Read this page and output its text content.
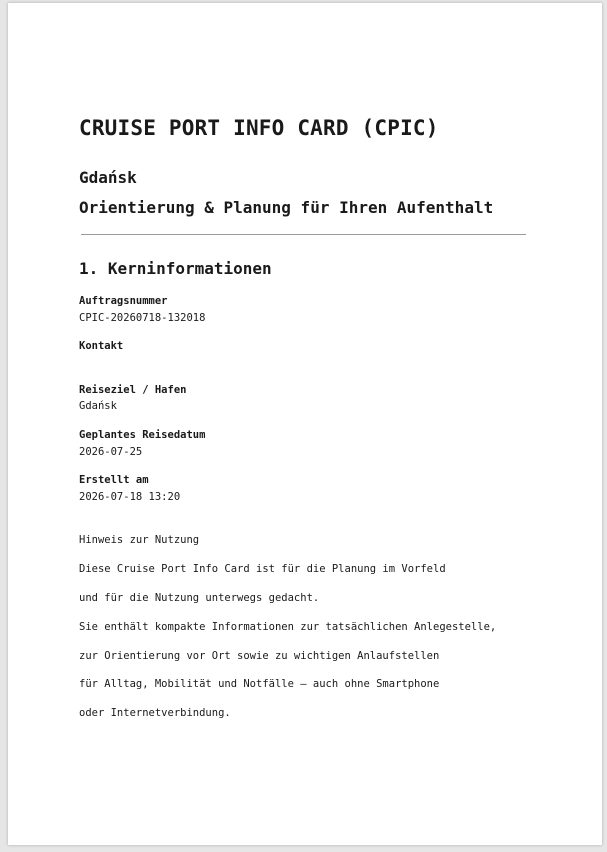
CRUISE PORT INFO CARD (CPIC)
Gdańsk
Orientierung & Planung für Ihren Aufenthalt
1. Kerninformationen
Auftragsnummer
CPIC-20260718-132018
Kontakt
Reiseziel / Hafen
Gdańsk
Geplantes Reisedatum
2026-07-25
Erstellt am
2026-07-18 13:20
Hinweis zur Nutzung
Diese Cruise Port Info Card ist für die Planung im Vorfeld
und für die Nutzung unterwegs gedacht.
Sie enthält kompakte Informationen zur tatsächlichen Anlegestelle,
zur Orientierung vor Ort sowie zu wichtigen Anlaufstellen
für Alltag, Mobilität und Notfälle – auch ohne Smartphone
oder Internetverbindung.
